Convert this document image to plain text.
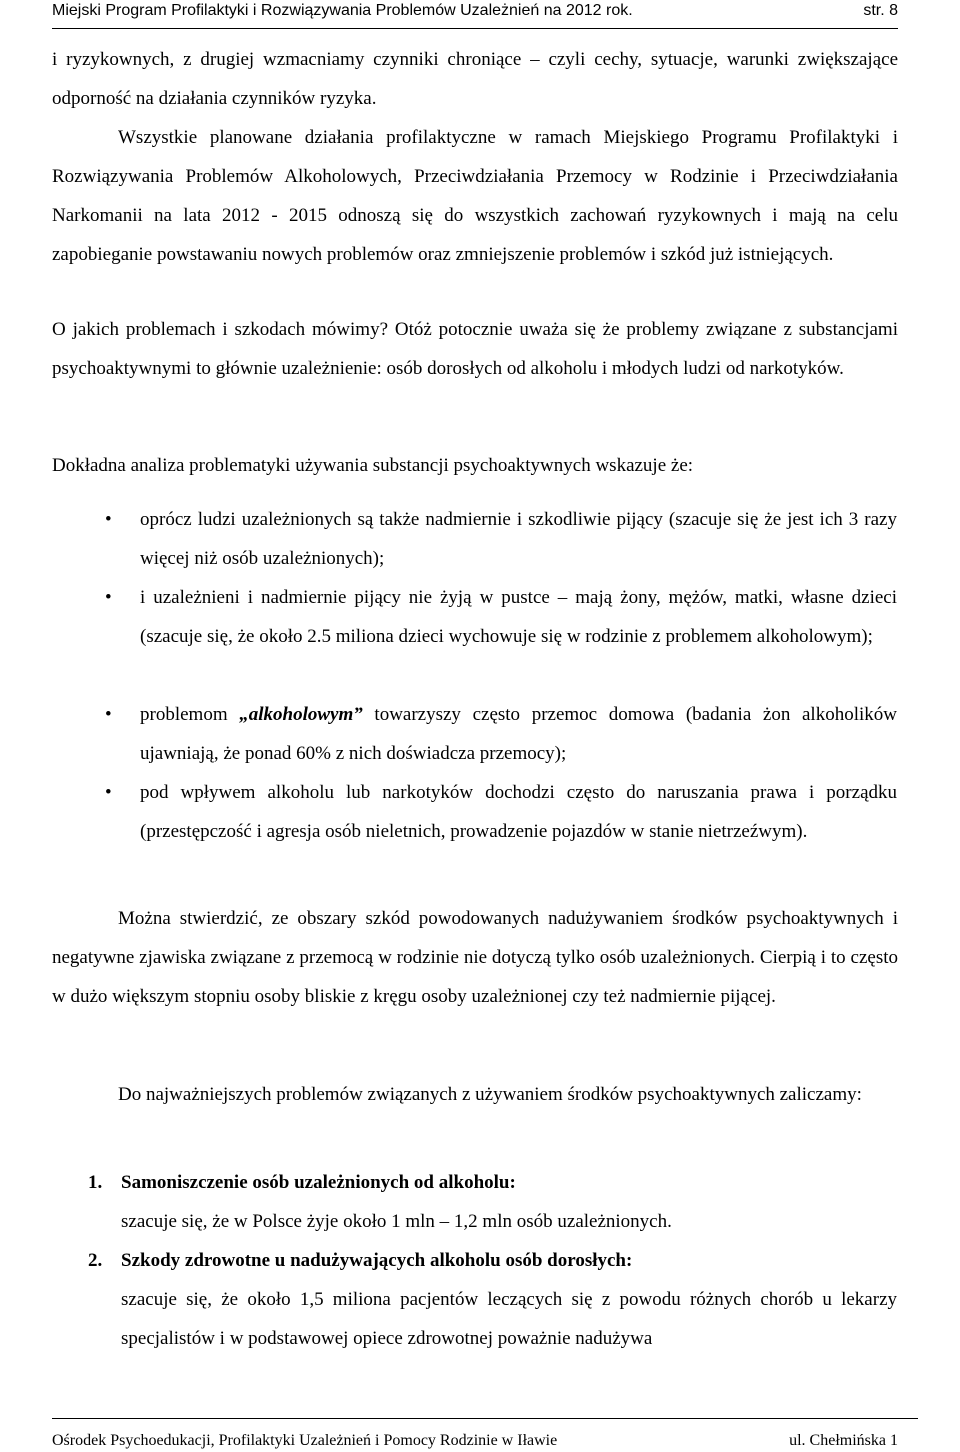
Miejski Program Profilaktyki i Rozwiązywania Problemów Uzależnień na 2012 rok.	str. 8
i ryzykownych, z drugiej wzmacniamy czynniki chroniące – czyli cechy, sytuacje, warunki zwiększające odporność na działania czynników ryzyka.
Wszystkie planowane działania profilaktyczne w ramach Miejskiego Programu Profilaktyki i Rozwiązywania Problemów Alkoholowych, Przeciwdziałania Przemocy w Rodzinie i Przeciwdziałania Narkomanii na lata 2012 - 2015 odnoszą się do wszystkich zachowań ryzykownych i mają na celu zapobieganie powstawaniu nowych problemów oraz zmniejszenie problemów i szkód już istniejących.
O jakich problemach i szkodach mówimy? Otóż potocznie uważa się że problemy związane z substancjami psychoaktywnymi to głównie uzależnienie: osób dorosłych od alkoholu i młodych ludzi od narkotyków.
Dokładna analiza problematyki używania substancji psychoaktywnych wskazuje że:
•	oprócz ludzi uzależnionych są także nadmiernie i szkodliwie pijący (szacuje się że jest ich 3 razy więcej niż osób uzależnionych);
•	i uzależnieni i nadmiernie pijący nie żyją w pustce – mają żony, mężów, matki, własne dzieci (szacuje się, że około 2.5 miliona dzieci wychowuje się w rodzinie z problemem alkoholowym);
•	problemom „alkoholowym” towarzyszy często przemoc domowa (badania żon alkoholików ujawniają, że ponad 60% z nich doświadcza przemocy);
•	pod wpływem alkoholu lub narkotyków dochodzi często do naruszania prawa i porządku (przestępczość i agresja osób nieletnich, prowadzenie pojazdów w stanie nietrzeźwym).
Można stwierdzić, ze obszary szkód powodowanych nadużywaniem środków psychoaktywnych i negatywne zjawiska związane z przemocą w rodzinie nie dotyczą tylko osób uzależnionych. Cierpią i to często w dużo większym stopniu osoby bliskie z kręgu osoby uzależnionej czy też nadmiernie pijącej.
Do najważniejszych problemów związanych z używaniem środków psychoaktywnych zaliczamy:
1. Samoniszczenie osób uzależnionych od alkoholu:
szacuje się, że w Polsce żyje około 1 mln – 1,2 mln osób uzależnionych.
2. Szkody zdrowotne u nadużywających alkoholu osób dorosłych:
szacuje się, że około 1,5 miliona pacjentów leczących się z powodu różnych chorób u lekarzy specjalistów i w podstawowej opiece zdrowotnej poważnie nadużywa
Ośrodek Psychoedukacji, Profilaktyki Uzależnień i Pomocy Rodzinie w Iławie	ul. Chełmińska 1
